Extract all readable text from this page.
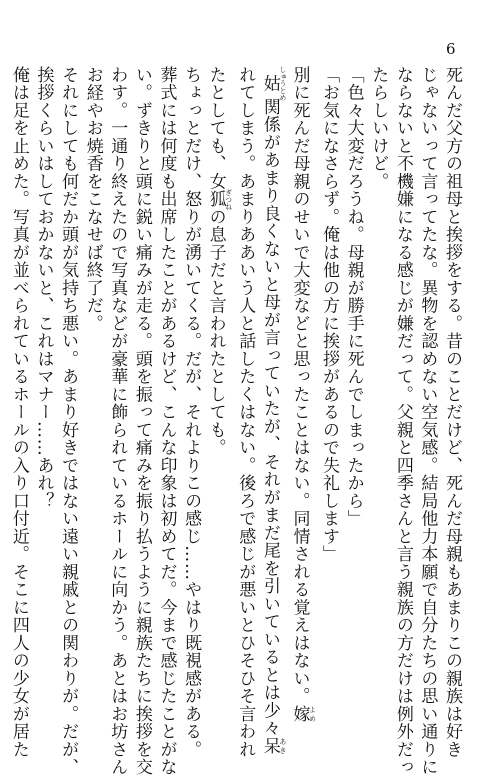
6

死んだ父方の祖母と挨拶をする。昔のことだけど、死んだ母親もあまりこの親族は好き

じゃないって言ってたな。異物を認めない空気感。結局他力本願で自分たちの思い通りに

ならないと不機嫌になる感じが嫌だって。父親と四季さんと言う親族の方だけは例外だっ

たらしいけど。

「色々大変だろうね。母親が勝手に死んでしまったから」

「お気になさらず。俺は他の方に挨拶があるので失礼します」

別に死んだ母親のせいで大変などと思ったことはない。同情される覚えはない。嫁 よめ

姑 しゅうとめ関係があまり良くないと母が言っていたが、それがまだ尾を引いているとは少々呆 あき

れてしまう。あまりああいう人と話したくはない。後ろで感じが悪いとひそひそ言われ

たとしても、女狐 ぎつねの息子だと言われたとしても。

ちょっとだけ、怒りが湧いてくる。だが、それよりこの感じ……やはり既視感がある。

葬式には何度も出席したことがあるけど、こんな印象は初めてだ。今まで感じたことがな

い。ずきりと頭に鋭い痛みが走る。頭を振って痛みを振り払うように親族たちに挨拶を交

わす。一通り終えたので写真などが豪華に飾られているホールに向かう。あとはお坊さん

お経やお焼香をこなせば終了だ。

それにしても何だか頭が気持ち悪い。あまり好きではない遠い親戚との関わりが。だが、

挨拶くらいはしておかないと、これはマナー……あれ？

俺は足を止めた。写真が並べられているホールの入り口付近。そこに四人の少女が居た
